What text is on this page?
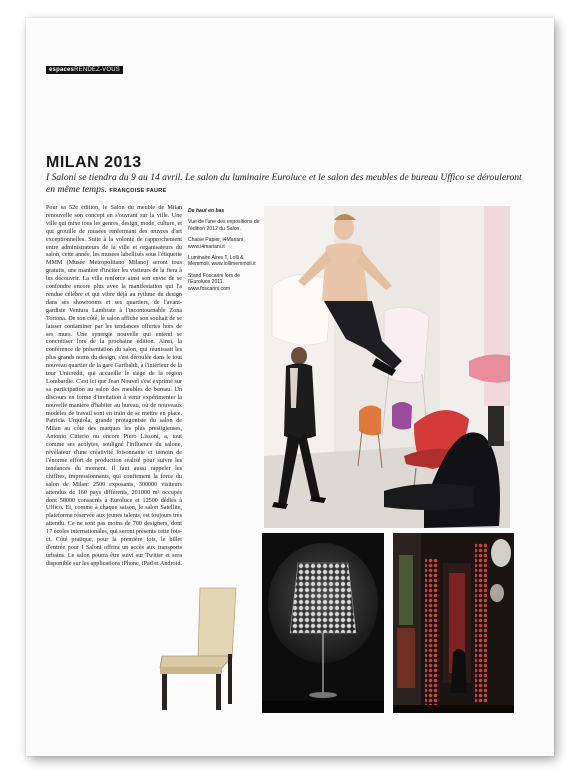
espacesRENDEZ-VOUS
MILAN 2013
I Saloni se tiendra du 9 au 14 avril. Le salon du luminaire Euroluce et le salon des meubles de bureau Uffico se dérouleront en même temps. FRANÇOISE FAURE
Pour sa 52e édition, le Salon du meuble de Milan renouvelle son concept en s'ouvrant sur la ville. Une ville qui mixe tous les genres, design, mode, culture, et qui grouille de musées renfermant des œuvres d'art exceptionnelles. Suite à la volonté de rapprochement entre administrateurs de la ville et organisateurs du salon, cette année, les musées labellisés sous l'étiquette MMM (Musée Metropolitano Milano) seront tous gratuits, une manière d'inciter les visiteurs de la fiera à les découvrir. La ville renforce ainsi son envie de se confondre encore plus avec la manifestation qui l'a rendue célèbre et qui vibre déjà au rythme du design dans ses showrooms et ses quartiers, de l'avant-gardiste Ventura Lambrate à l'incontournable Zona Tortona. De son côté, le salon affiche son souhait de se laisser contaminer par les tendances offertes hors de ses murs. Une synergie nouvelle qui entend se concrétiser lors de la prochaine édition. Ainsi, la conférence de présentation du salon, qui réunissait les plus grands noms du design, s'est déroulée dans le tout nouveau quartier de la gare Garibaldi, à l'intérieur de la tour Unicredit, qui accueille le siège de la région Lombardie. C'est ici que Jean Nouvel s'est exprimé sur sa participation au salon des meubles de bureau. Un discours en forme d'invitation à venir expérimenter la nouvelle manière d'habiter au bureau, où de nouveaux modèles de travail sont en train de se mettre en place. Patricia Urquiola, grande protagoniste du salon de Milan au côté des marques les plus prestigieuses, Antonio Citterio ou encore Piero Lissoni, a, tout comme ses acolytes, souligné l'influence du salone, révélateur d'une créativité foisonnante et témoin de l'énorme effort de production réalisé pour suivre les tendances du moment. Il faut aussi rappeler les chiffres, impressionnants, qui confirment la force du salon de Milan: 2500 exposants, 300000 visiteurs attendus de 160 pays différents, 201000 m² occupés dont 58000 consacrés à Euroluce et 12500 dédiés à Uffico. Et, comme à chaque saison, le salon Satellite, plateforme réservée aux jeunes talents, est toujours très attendu. Ce ne sont pas moins de 700 designers, dont 17 écoles internationales, qui seront présents cette fois-ci. Côté pratique, pour la première fois, le billet d'entrée pour I Saloni offrira un accès aux transports urbains. Le salon pourra être suivi sur Twitter et sera disponible sur les applications iPhone, iPad et Android.

De haut en bas

Vue de l'une des expositions de l'édition 2012 du Salon.

Chaise Papier, i4Mariani, www.i4mariani.it

Luminaire Aires T, Lolli & Memmoli, www.lollimemmoli.it

Stand Foscarini lors de l'Euroluce 2011. www.foscarini.com
